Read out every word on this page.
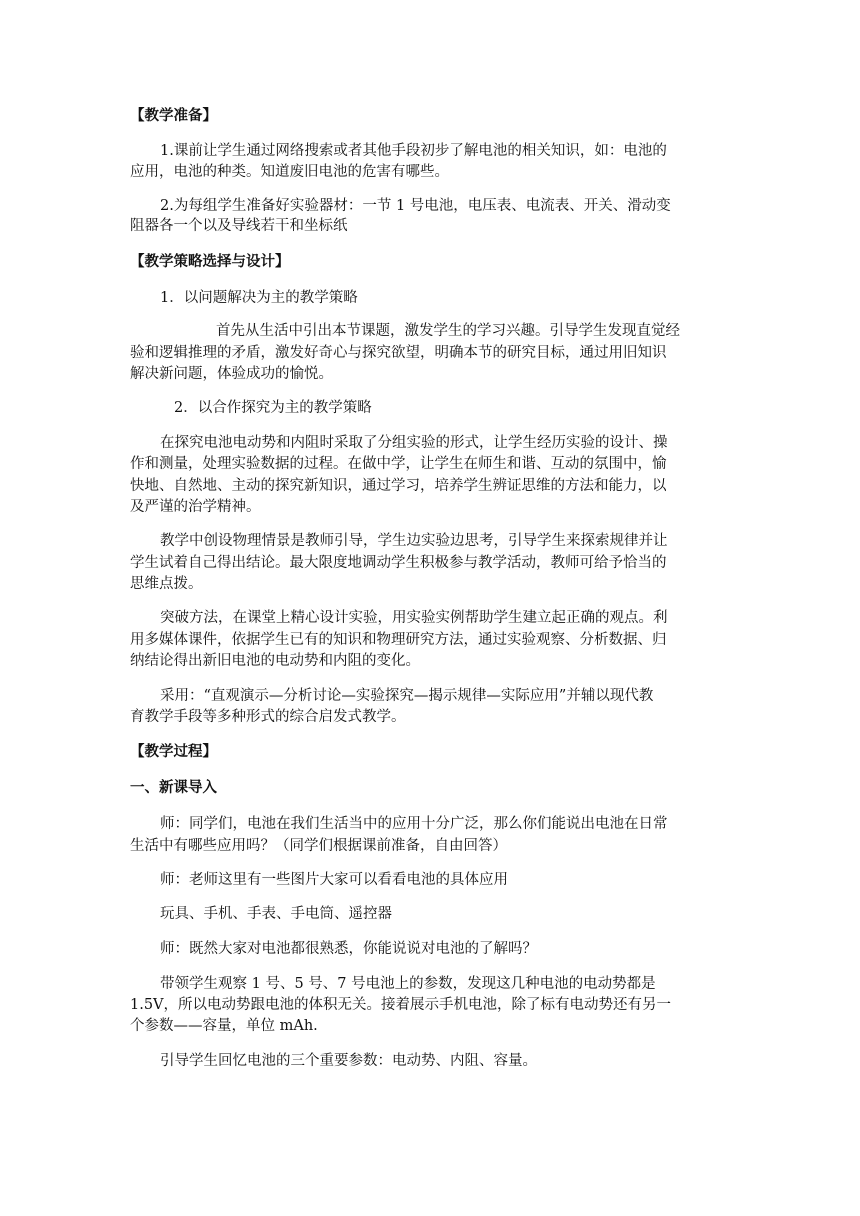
【教学准备】
1.课前让学生通过网络搜索或者其他手段初步了解电池的相关知识，如：电池的
应用，电池的种类。知道废旧电池的危害有哪些。
2.为每组学生准备好实验器材：一节 1 号电池，电压表、电流表、开关、滑动变
阻器各一个以及导线若干和坐标纸
【教学策略选择与设计】
1．以问题解决为主的教学策略
首先从生活中引出本节课题，激发学生的学习兴趣。引导学生发现直觉经
验和逻辑推理的矛盾，激发好奇心与探究欲望，明确本节的研究目标，通过用旧知识
解决新问题，体验成功的愉悦。
2．以合作探究为主的教学策略
在探究电池电动势和内阻时采取了分组实验的形式，让学生经历实验的设计、操
作和测量，处理实验数据的过程。在做中学，让学生在师生和谐、互动的氛围中，愉
快地、自然地、主动的探究新知识，通过学习，培养学生辨证思维的方法和能力，以
及严谨的治学精神。
教学中创设物理情景是教师引导，学生边实验边思考，引导学生来探索规律并让
学生试着自己得出结论。最大限度地调动学生积极参与教学活动，教师可给予恰当的
思维点拨。
突破方法，在课堂上精心设计实验，用实验实例帮助学生建立起正确的观点。利
用多媒体课件，依据学生已有的知识和物理研究方法，通过实验观察、分析数据、归
纳结论得出新旧电池的电动势和内阻的变化。
采用：“直观演示—分析讨论—实验探究—揭示规律—实际应用”并辅以现代教
育教学手段等多种形式的综合启发式教学。
【教学过程】
一、新课导入
师：同学们，电池在我们生活当中的应用十分广泛，那么你们能说出电池在日常
生活中有哪些应用吗？（同学们根据课前准备，自由回答）
师：老师这里有一些图片大家可以看看电池的具体应用
玩具、手机、手表、手电筒、遥控器
师：既然大家对电池都很熟悉，你能说说对电池的了解吗？
带领学生观察 1 号、5 号、7 号电池上的参数，发现这几种电池的电动势都是
1.5V，所以电动势跟电池的体积无关。接着展示手机电池，除了标有电动势还有另一
个参数——容量，单位 mAh.
引导学生回忆电池的三个重要参数：电动势、内阻、容量。
